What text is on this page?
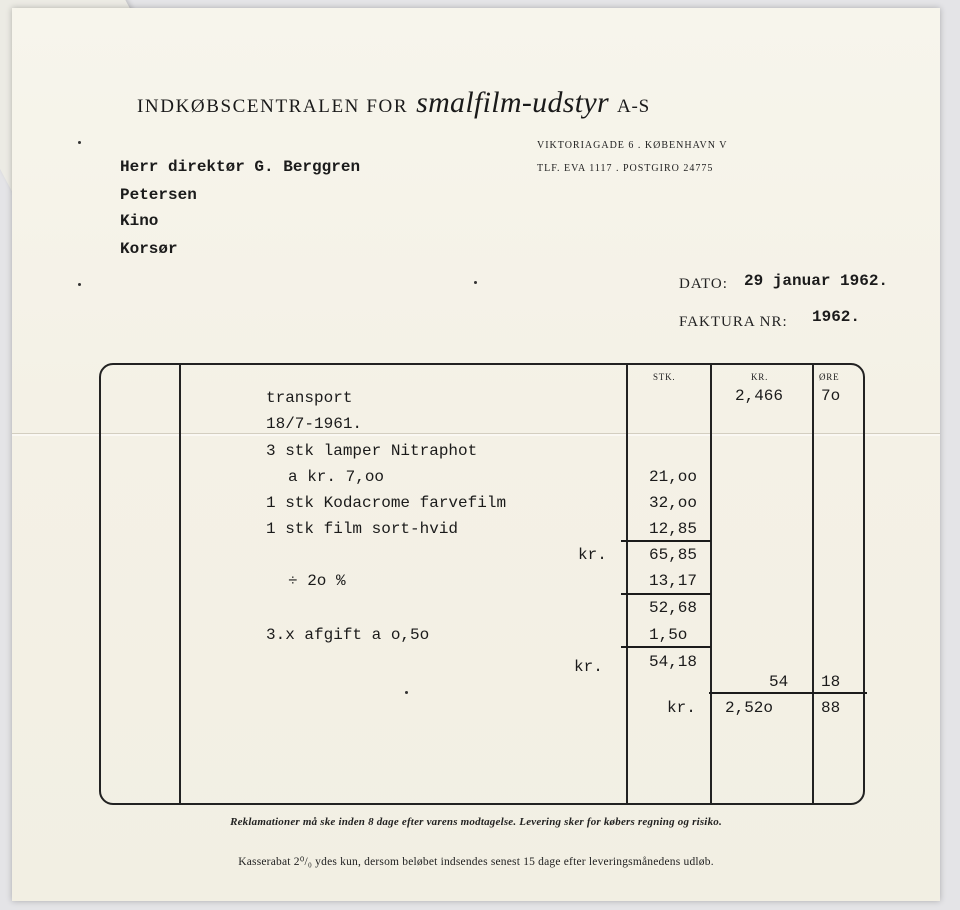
INDKØBSCENTRALEN FOR smalfilm-udstyr A-S
VIKTORIAGADE 6 . KØBENHAVN V
TLF. EVA 1117 . POSTGIRO 24775
Herr direktør G. Berggren
Petersen
Kino
Korsør
DATO: 29 januar 1962.
FAKTURA NR: 1962.
STK.	KR.	ØRE
transport	2,466 7o
18/7-1961.
3 stk lamper Nitraphot
a kr. 7,oo	21,oo
1 stk Kodacrome farvefilm	32,oo
1 stk film sort-hvid	12,85
kr.	65,85
÷ 2o %	13,17
52,68
3.x afgift a o,5o	1,5o
kr.	54,18
54 18
kr. 2,52o	88
Reklamationer må ske inden 8 dage efter varens modtagelse. Levering sker for købers regning og risiko.
Kasserabat 2⁰/₀ ydes kun, dersom beløbet indsendes senest 15 dage efter leveringsmånedens udløb.
